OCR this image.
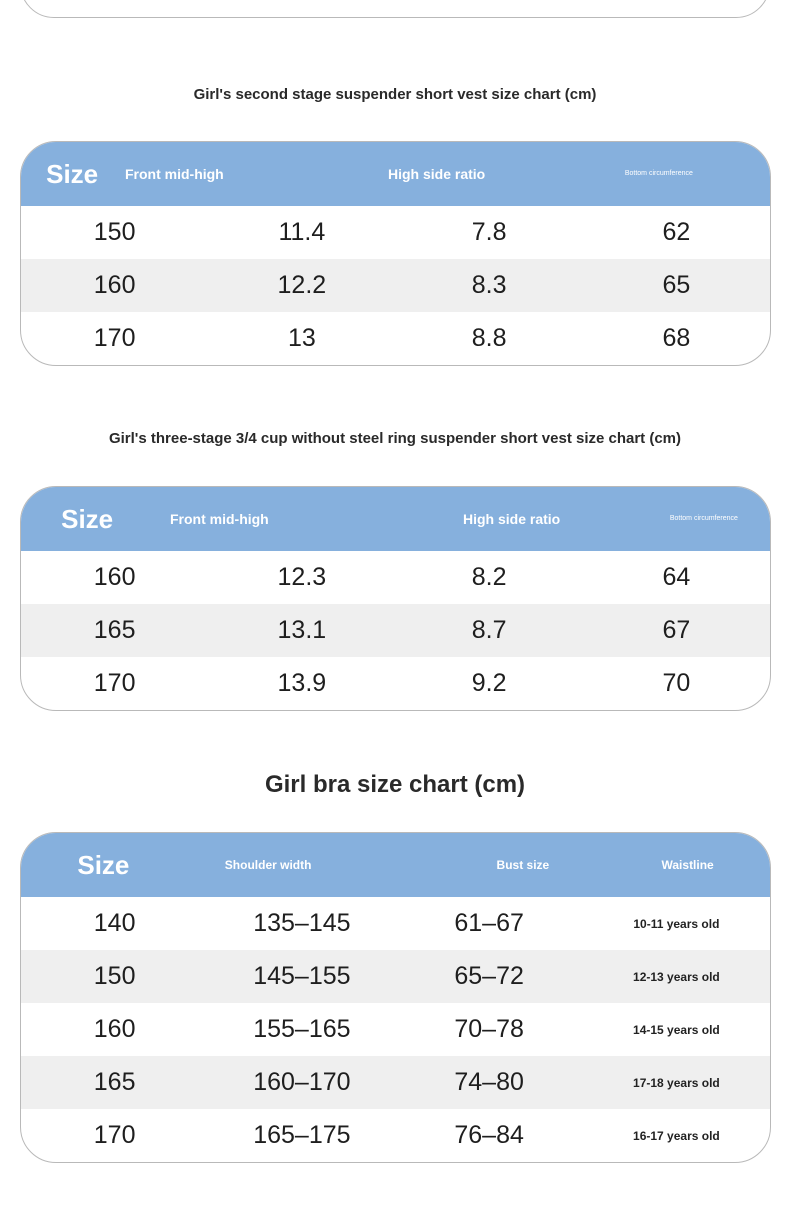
Girl's second stage suspender short vest size chart (cm)
Size	Front mid-high	High side ratio	Bottom circumference
150	11.4	7.8	62
160	12.2	8.3	65
170	13	8.8	68
Girl's three-stage 3/4 cup without steel ring suspender short vest size chart (cm)
Size	Front mid-high	High side ratio	Bottom circumference
160	12.3	8.2	64
165	13.1	8.7	67
170	13.9	9.2	70
Girl bra size chart (cm)
Size	Shoulder width	Bust size	Waistline
140	135–145	61–67	10-11 years old
150	145–155	65–72	12-13 years old
160	155–165	70–78	14-15 years old
165	160–170	74–80	17-18 years old
170	165–175	76–84	16-17 years old
